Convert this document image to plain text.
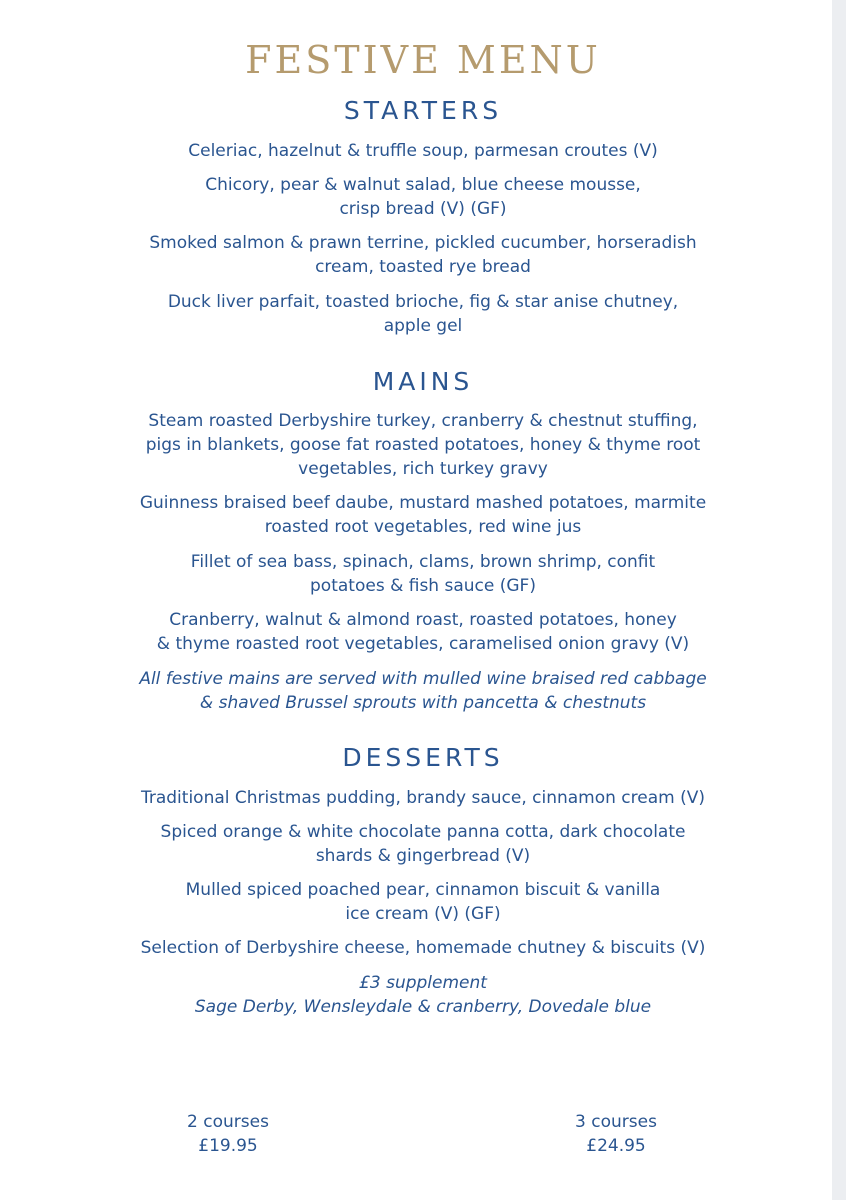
FESTIVE MENU
STARTERS

Celeriac, hazelnut & truffle soup, parmesan croutes (V)

Chicory, pear & walnut salad, blue cheese mousse,
crisp bread (V) (GF)

Smoked salmon & prawn terrine, pickled cucumber, horseradish
cream, toasted rye bread

Duck liver parfait, toasted brioche, fig & star anise chutney,
apple gel

MAINS

Steam roasted Derbyshire turkey, cranberry & chestnut stuffing,
pigs in blankets, goose fat roasted potatoes, honey & thyme root
vegetables, rich turkey gravy

Guinness braised beef daube, mustard mashed potatoes, marmite
roasted root vegetables, red wine jus

Fillet of sea bass, spinach, clams, brown shrimp, confit
potatoes & fish sauce (GF)

Cranberry, walnut & almond roast, roasted potatoes, honey
& thyme roasted root vegetables, caramelised onion gravy (V)

All festive mains are served with mulled wine braised red cabbage
& shaved Brussel sprouts with pancetta & chestnuts

DESSERTS

Traditional Christmas pudding, brandy sauce, cinnamon cream (V)

Spiced orange & white chocolate panna cotta, dark chocolate
shards & gingerbread (V)

Mulled spiced poached pear, cinnamon biscuit & vanilla
ice cream (V) (GF)

Selection of Derbyshire cheese, homemade chutney & biscuits (V)

£3 supplement
Sage Derby, Wensleydale & cranberry, Dovedale blue

2 courses
£19.95
3 courses
£24.95
